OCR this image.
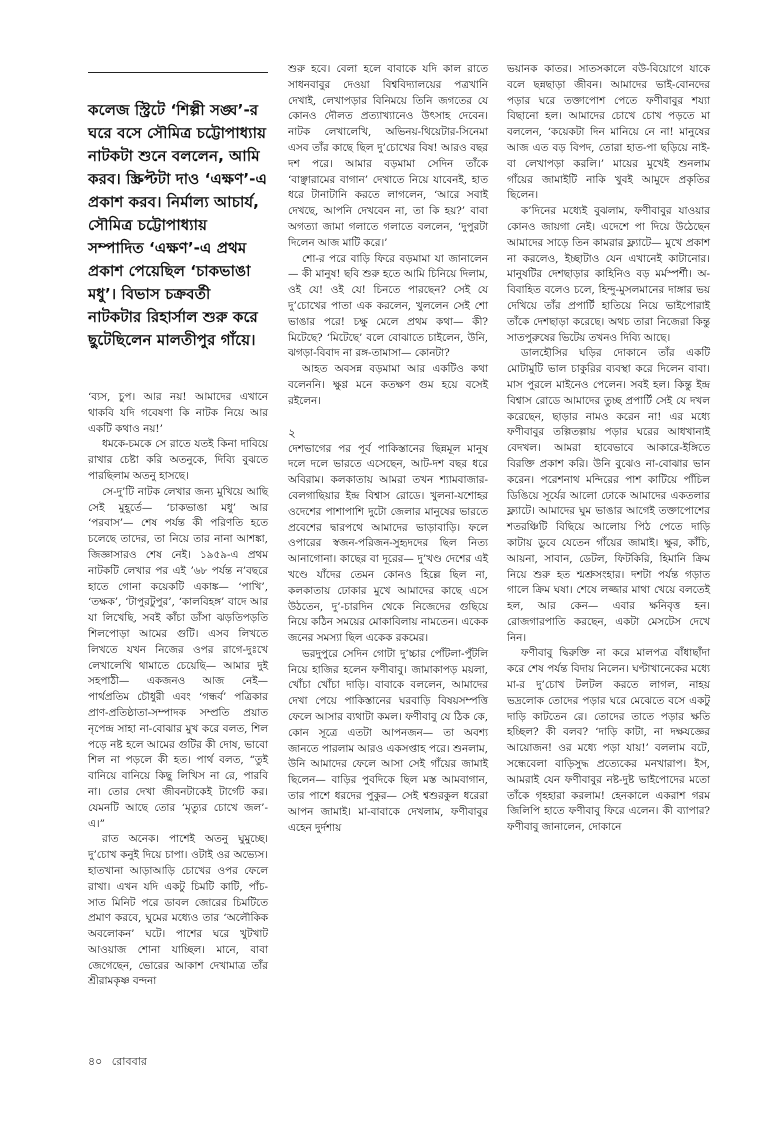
কলেজ স্ট্রিটে ‘শিল্পী সঙ্ঘ’-র ঘরে বসে সৌমিত্র চট্টোপাধ্যায় নাটকটা শুনে বললেন, আমি করব। স্ক্রিপ্টটা দাও ‘এক্ষণ’-এ প্রকাশ করব। নির্মাল্য আচার্য, সৌমিত্র চট্টোপাধ্যায় সম্পাদিত ‘এক্ষণ’-এ প্রথম প্রকাশ পেয়েছিল ‘চাকভাঙা মধু’। বিভাস চক্রবর্তী নাটকটার রিহার্সাল শুরু করে ছুটেছিলেন মালতীপুর গাঁয়ে।

‘ব্যস, চুপ। আর নয়! আমাদের এখানে থাকবি যদি গবেষণা কি নাটক নিয়ে আর একটি কথাও নয়!’

ধমকে-চমকে সে রাতে যতই কিনা দাবিয়ে রাখার চেষ্টা করি অতনুকে, দিব্যি বুঝতে পারছিলাম অতনু হাসছে।

সে-দু’টি নাটক লেখার জন্য মুখিয়ে আছি সেই মুহূর্তে— ‘চাকভাঙা মধু’ আর ‘পরবাস’— শেষ পর্যন্ত কী পরিণতি হতে চলেছে তাদের, তা নিয়ে তার নানা আশঙ্কা, জিজ্ঞাসারও শেষ নেই। ১৯৫৯-এ প্রথম নাটকটি লেখার পর এই ’৬৮ পর্যন্ত ন’বছরে হাতে গোনা কয়েকটি একাঙ্ক— ‘পাখি’, ‘তক্ষক’, ‘টাপুরটুপুর’, ‘কালবিহঙ্গ’ বাদে আর যা লিখেছি, সবই কাঁচা ডাঁসা ঝড়তিপড়তি শিলপোড়া আমের গুটি। এসব লিখতে লিখতে যখন নিজের ওপর রাগে-দুঃখে লেখালেখি থামাতে চেয়েছি— আমার দুই সহপাঠী— একজনও আজ নেই— পার্থপ্রতিম চৌধুরী এবং ‘গন্ধর্ব’ পত্রিকার প্রাণ-প্রতিষ্ঠাতা-সম্পাদক সম্প্রতি প্রয়াত নৃপেন্দ্র সাহা না-বোঝার মুখ করে বলত, শিল পড়ে নষ্ট হলে আমের গুটির কী দোষ, ভাবো শিল না পড়লে কী হত। পার্থ বলত, “তুই বানিয়ে বানিয়ে কিছু লিখিস না রে, পারবি না। তোর দেখা জীবনটাকেই টার্গেট কর। যেমনটি আছে তোর ‘মৃত্যুর চোখে জল’-এ।”

রাত অনেক। পাশেই অতনু ঘুমুচ্ছে। দু’চোখ কনুই দিয়ে চাপা। ওটাই ওর অভ্যেস। হাতখানা আড়াআড়ি চোখের ওপর ফেলে রাখা। এখন যদি একটু চিমটি কাটি, পাঁচ-সাত মিনিট পরে ডাবল জোরের চিমটিতে প্রমাণ করবে, ঘুমের মধ্যেও তার ‘অলৌকিক অবলোকন’ ঘটে। পাশের ঘরে খুটখাট আওয়াজ শোনা যাচ্ছিল। মানে, বাবা জেগেছেন, ভোরের আকাশ দেখামাত্র তাঁর শ্রীরামকৃষ্ণ বন্দনা

শুরু হবে। বেলা হলে বাবাকে যদি কাল রাতে সাধনবাবুর দেওয়া বিশ্ববিদ্যালয়ের পত্রখানি দেখাই, লেখাপড়ার বিনিময়ে তিনি জগতের যে কোনও দৌলত প্রত্যাখ্যানেও উৎসাহ দেবেন। নাটক লেখালেখি, অভিনয়-থিয়েটার-সিনেমা এসব তাঁর কাছে ছিল দু’চোখের বিষ! আরও বছর দশ পরে। আমার বড়মামা সেদিন তাঁকে ‘বাঞ্ছারামের বাগান’ দেখাতে নিয়ে যাবেনই, হাত ধরে টানাটানি করতে লাগলেন, ‘আরে সবাই দেখছে, আপনি দেখবেন না, তা কি হয়?’ বাবা অগত্যা জামা গলাতে গলাতে বললেন, ‘দুপুরটা দিলেন আজ মাটি করে।’

শো-র পরে বাড়ি ফিরে বড়মামা যা জানালেন— কী মানুষ! ছবি শুরু হতে আমি চিনিয়ে দিলাম, ওই যে! ওই যে! চিনতে পারছেন? সেই যে দু’চোখের পাতা এক করলেন, খুললেন সেই শো ভাঙার পরে! চক্ষু মেলে প্রথম কথা— কী? মিটেছে? ‘মিটেছে’ বলে বোঝাতে চাইলেন, উনি, ঝগড়া-বিবাদ না রঙ্গ-তামাসা— কোনটা?

আহত অবসন্ন বড়মামা আর একটিও কথা বলেননি। ক্ষুণ্ণ মনে কতক্ষণ গুম হয়ে বসেই রইলেন।

২

দেশভাগের পর পূর্ব পাকিস্তানের ছিন্নমূল মানুষ দলে দলে ভারতে এসেছেন, আট-দশ বছর ধরে অবিরাম। কলকাতায় আমরা তখন শ্যামবাজার-বেলগাছিয়ার ইন্দ্র বিশ্বাস রোডে। খুলনা-যশোহর ওদেশের পাশাপাশি দুটো জেলার মানুষের ভারতে প্রবেশের দ্বারপথে আমাদের ভাড়াবাড়ি। ফলে ওপারের স্বজন-পরিজন-সুহৃদদের ছিল নিত্য আনাগোনা। কাছের বা দূরের— দু’খণ্ড দেশের এই খণ্ডে যাঁদের তেমন কোনও হিল্লে ছিল না, কলকাতায় ঢোকার মুখে আমাদের কাছে এসে উঠতেন, দু’-চারদিন থেকে নিজেদের গুছিয়ে নিয়ে কঠিন সময়ের মোকাবিলায় নামতেন। একেক জনের সমস্যা ছিল একেক রকমের।

ভরদুপুরে সেদিন গোটা দু’চ্চার পোঁটলা-পুঁটলি নিয়ে হাজির হলেন ফণীবাবু। জামাকাপড় ময়লা, খোঁচা খোঁচা দাড়ি। বাবাকে বললেন, আমাদের দেখা পেয়ে পাকিস্তানের ঘরবাড়ি বিষয়সম্পত্তি ফেলে আসার ব্যথাটা কমল। ফণীবাবু যে ঠিক কে, কোন সূত্রে এতটা আপনজন— তা অবশ্য জানতে পারলাম আরও একসপ্তাহ পরে। শুনলাম, উনি আমাদের ফেলে আসা সেই গাঁয়ের জামাই ছিলেন— বাড়ির পুবদিকে ছিল মস্ত আমবাগান, তার পাশে ধরদের পুকুর— সেই শ্বশুরকুল ধরেরা আপন জামাই। মা-বাবাকে দেখলাম, ফণীবাবুর এহেন দুর্দশায়

ভয়ানক কাতর। সাতসকালে বউ-বিয়োগে যাকে বলে ছন্নছাড়া জীবন। আমাদের ভাই-বোনদের পড়ার ঘরে তক্তাপোশ পেতে ফণীবাবুর শয্যা বিছানো হল। আমাদের চোখে চোখ পড়তে মা বললেন, ‘কয়েকটা দিন মানিয়ে নে না! মানুষের আজ এত বড় বিপদ, তোরা হাত-পা ছড়িয়ে নাই-বা লেখাপড়া করলি।’ মায়ের মুখেই শুনলাম গাঁয়ের জামাইটি নাকি খুবই আমুদে প্রকৃতির ছিলেন।

ক’দিনের মধ্যেই বুঝলাম, ফণীবাবুর যাওয়ার কোনও জায়গা নেই। এদেশে পা দিয়ে উঠেছেন আমাদের সাড়ে তিন কামরার ফ্ল্যাটে— মুখে প্রকাশ না করলেও, ইচ্ছাটাও যেন এখানেই কাটানোর। মানুষটির দেশছাড়ার কাহিনিও বড় মর্মস্পর্শী। অ-বিবাহিত বলেও চলে, হিন্দু-মুসলমানের দাঙ্গার ভয় দেখিয়ে তাঁর প্রপার্টি হাতিয়ে নিয়ে ভাইপোরাই তাঁকে দেশছাড়া করেছে। অথচ তারা নিজেরা কিন্তু সাতপুরুষের ভিটেয় তখনও দিব্যি আছে।

ডালহৌসির ঘড়ির দোকানে তাঁর একটি মোটামুটি ভাল চাকুরির ব্যবস্থা করে দিলেন বাবা। মাস পুরলে মাইনেও পেলেন। সবই হল। কিন্তু ইন্দ্র বিশ্বাস রোডে আমাদের তুচ্ছ প্রপার্টি সেই যে দখল করেছেন, ছাড়ার নামও করেন না! এর মধ্যে ফণীবাবুর তল্পিতল্পায় পড়ার ঘরের আধখানাই বেদখল। আমরা হাবেভাবে আকারে-ইঙ্গিতে বিরক্তি প্রকাশ করি। উনি বুঝেও না-বোঝার ভান করেন। পরেশনাথ মন্দিরের পাশ কাটিয়ে পাঁচিল ডিঙিয়ে সূর্যের আলো ঢোকে আমাদের একতলার ফ্ল্যাটে। আমাদের ঘুম ভাঙার আগেই তক্তাপোশের শতরঞ্চিটি বিছিয়ে আলোয় পিঠ পেতে দাড়ি কাটায় ডুবে যেতেন গাঁয়ের জামাই। ক্ষুর, কাঁচি, আয়না, সাবান, ডেটল, ফিটকিরি, হিমানি ক্রিম নিয়ে শুরু হত শ্মশ্রুসংহার। দশটা পর্যন্ত গড়াত গালে ক্রিম ঘষা। শেষে লজ্জার মাথা খেয়ে বলতেই হল, আর কেন— এবার ক্ষনিবৃত্ত হন। রোজগারপাতি করছেন, একটা মেসটেস দেখে নিন।

ফণীবাবু দ্বিরুক্তি না করে মালপত্র বাঁধাছাঁদা করে শেষ পর্যন্ত বিদায় নিলেন। ঘণ্টাখানেকের মধ্যে মা-র দু’চোখ টলটল করতে লাগল, নাহয় ভদ্রলোক তোদের পড়ার ঘরে মেঝেতে বসে একটু দাড়ি কাটতেন রে। তোদের তাতে পড়ার ক্ষতি হচ্ছিল? কী বলব? ‘দাড়ি কাটা, না দক্ষযজ্ঞের আয়োজন! ওর মধ্যে পড়া যায়!’ বললাম বটে, সন্ধেবেলা বাড়িসুদ্ধ প্রত্যেকের মনখারাপ। ইস, আমরাই যেন ফণীবাবুর নষ্ট-দুষ্ট ভাইপোদের মতো তাঁকে গৃহহারা করলাম! হেনকালে একরাশ গরম জিলিপি হাতে ফণীবাবু ফিরে এলেন। কী ব্যাপার? ফণীবাবু জানালেন, দোকানে

৪০ রোববার
